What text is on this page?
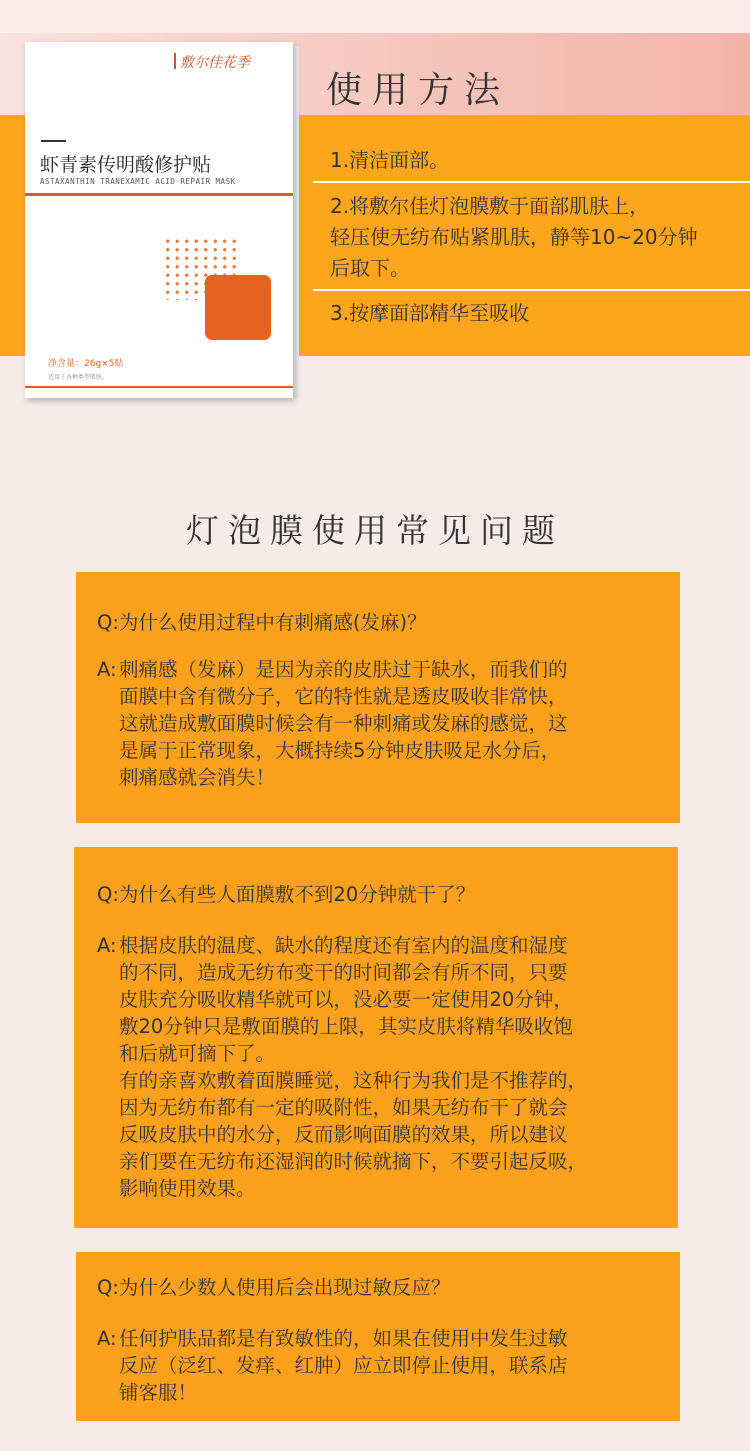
敷尔佳花季
虾青素传明酸修护贴
ASTAXANTHIN TRANEXAMIC ACID REPAIR MASK
净含量：26g×5贴
适用于各种类型肌肤。
使用方法
1.清洁面部。
2.将敷尔佳灯泡膜敷于面部肌肤上，
轻压使无纺布贴紧肌肤，静等10~20分钟
后取下。
3.按摩面部精华至吸收
灯泡膜使用常见问题
Q:为什么使用过程中有刺痛感(发麻)？
A: 刺痛感（发麻）是因为亲的皮肤过于缺水，而我们的
面膜中含有微分子，它的特性就是透皮吸收非常快，
这就造成敷面膜时候会有一种刺痛或发麻的感觉，这
是属于正常现象，大概持续5分钟皮肤吸足水分后，
刺痛感就会消失！
Q:为什么有些人面膜敷不到20分钟就干了？
A: 根据皮肤的温度、缺水的程度还有室内的温度和湿度
的不同，造成无纺布变干的时间都会有所不同，只要
皮肤充分吸收精华就可以，没必要一定使用20分钟，
敷20分钟只是敷面膜的上限，其实皮肤将精华吸收饱
和后就可摘下了。
有的亲喜欢敷着面膜睡觉，这种行为我们是不推荐的，
因为无纺布都有一定的吸附性，如果无纺布干了就会
反吸皮肤中的水分，反而影响面膜的效果，所以建议
亲们要在无纺布还湿润的时候就摘下，不要引起反吸，
影响使用效果。
Q:为什么少数人使用后会出现过敏反应？
A: 任何护肤品都是有致敏性的，如果在使用中发生过敏
反应（泛红、发痒、红肿）应立即停止使用，联系店
铺客服！
